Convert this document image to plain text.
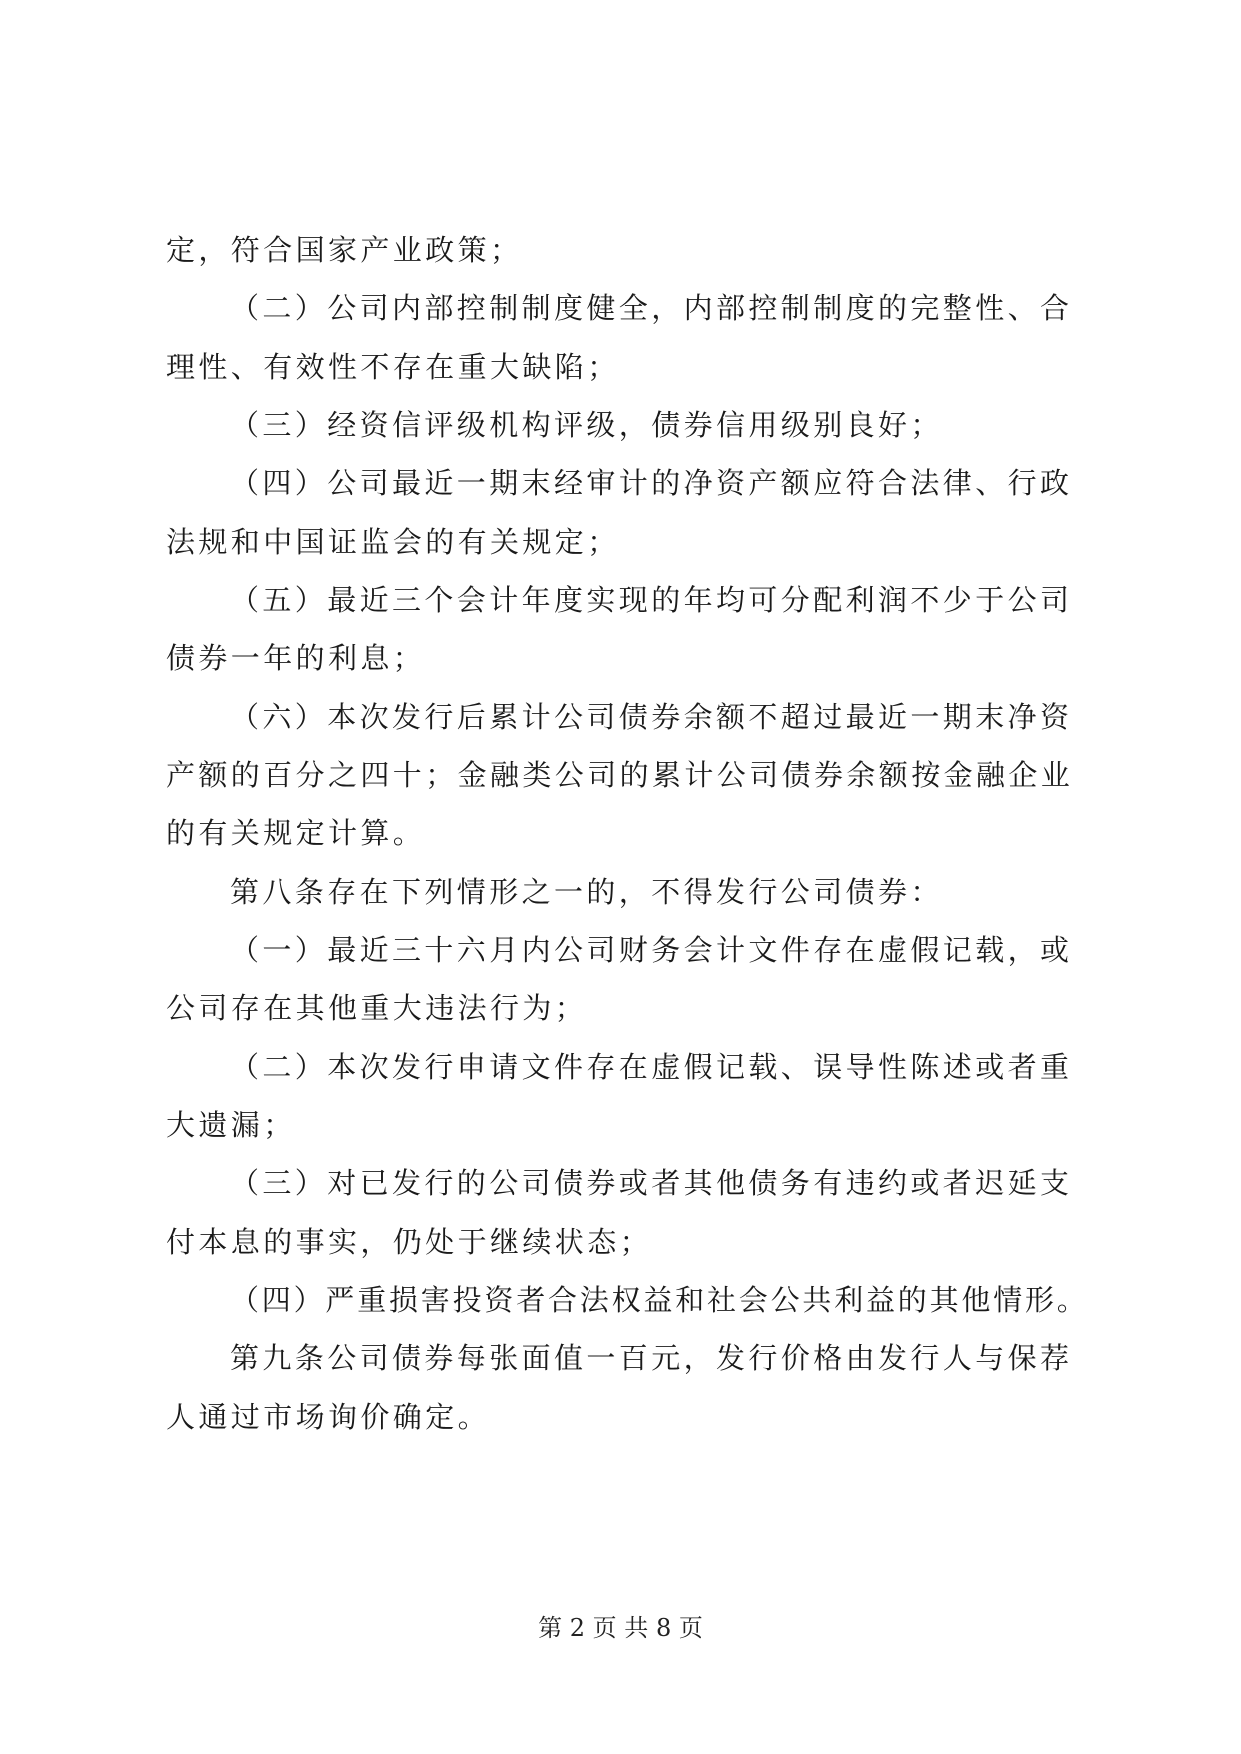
定，符合国家产业政策；
（二）公司内部控制制度健全，内部控制制度的完整性、合
理性、有效性不存在重大缺陷；
（三）经资信评级机构评级，债券信用级别良好；
（四）公司最近一期末经审计的净资产额应符合法律、行政
法规和中国证监会的有关规定；
（五）最近三个会计年度实现的年均可分配利润不少于公司
债券一年的利息；
（六）本次发行后累计公司债券余额不超过最近一期末净资
产额的百分之四十；金融类公司的累计公司债券余额按金融企业
的有关规定计算。
第八条存在下列情形之一的，不得发行公司债券：
（一）最近三十六月内公司财务会计文件存在虚假记载，或
公司存在其他重大违法行为；
（二）本次发行申请文件存在虚假记载、误导性陈述或者重
大遗漏；
（三）对已发行的公司债券或者其他债务有违约或者迟延支
付本息的事实，仍处于继续状态；
（四）严重损害投资者合法权益和社会公共利益的其他情形。
第九条公司债券每张面值一百元，发行价格由发行人与保荐
人通过市场询价确定。
第 2 页 共 8 页
